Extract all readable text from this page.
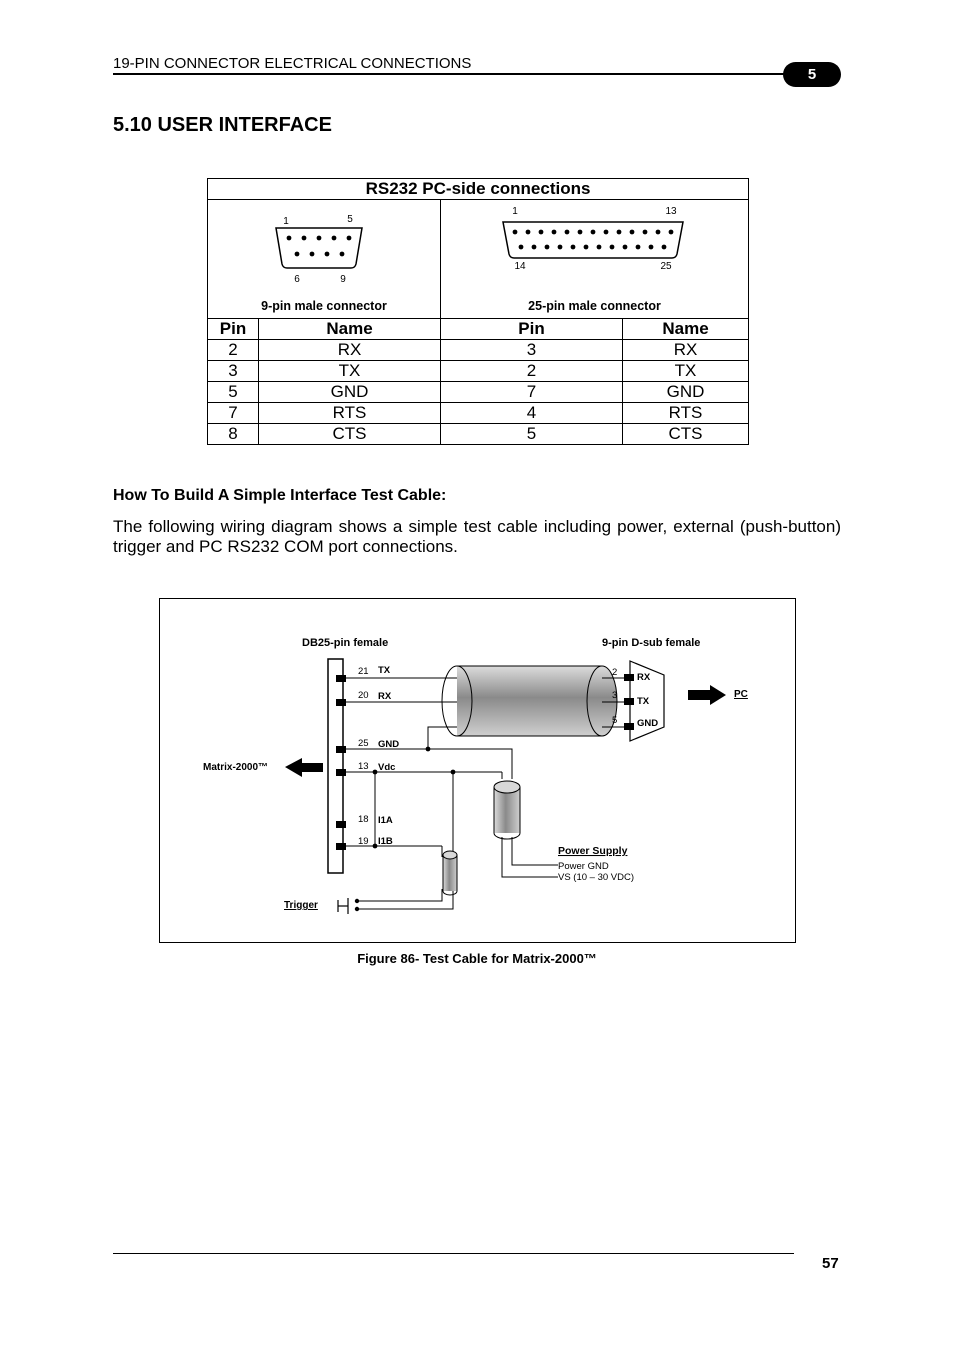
19-PIN CONNECTOR ELECTRICAL CONNECTIONS
5
5.10 USER INTERFACE
RS232 PC-side connections			

1 5
6 9
9-pin male connector		1 13
14 25
25-pin male connector	

Pin	Name	Pin	Name
2	RX	3	RX
3	TX	2	TX
5	GND	7	GND
7	RTS	4	RTS
8	CTS	5	CTS
How To Build A Simple Interface Test Cable:
The following wiring diagram shows a simple test cable including power, external (push-button) trigger and PC RS232 COM port connections.
DB25-pin female	9-pin D-sub female
21 TX
20 RX
25 GND
13 Vdc
18 I1A
19 I1B
Matrix-2000™
2 RX
3
TX
5 GND
PC
Power Supply
Power GND
VS (10 – 30 VDC)
Trigger
Figure 86- Test Cable for Matrix-2000™
57
